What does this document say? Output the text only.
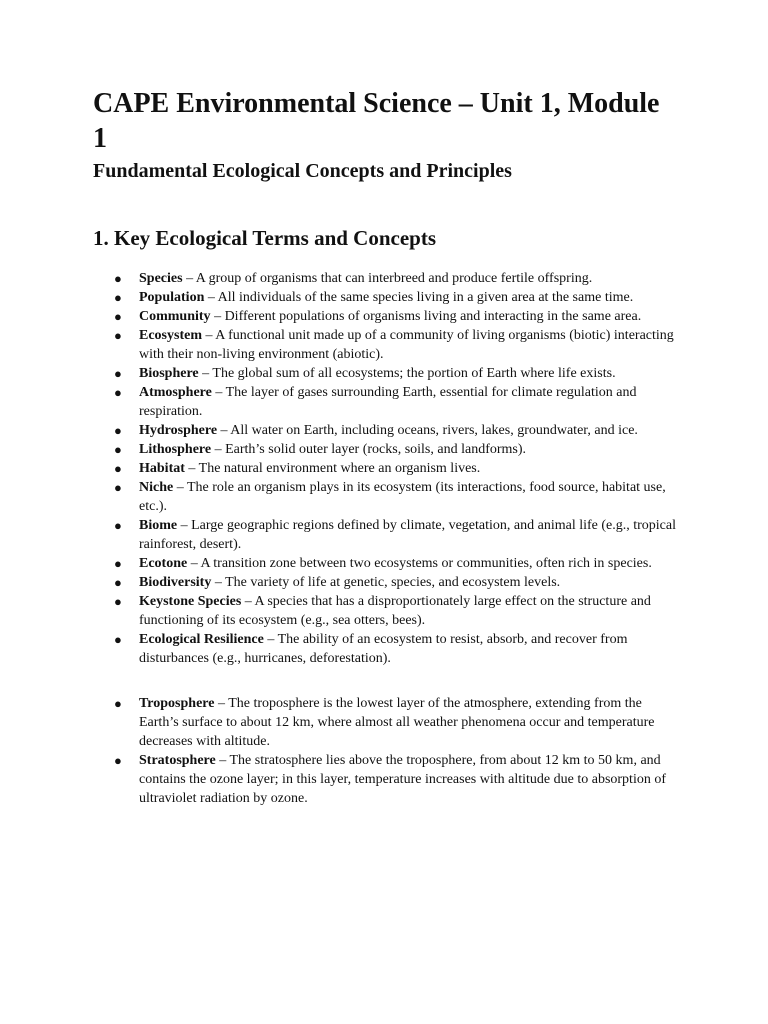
CAPE Environmental Science – Unit 1, Module 1
Fundamental Ecological Concepts and Principles
1. Key Ecological Terms and Concepts
● Species – A group of organisms that can interbreed and produce fertile offspring.
● Population – All individuals of the same species living in a given area at the same time.
● Community – Different populations of organisms living and interacting in the same area.
● Ecosystem – A functional unit made up of a community of living organisms (biotic) interacting with their non-living environment (abiotic).
● Biosphere – The global sum of all ecosystems; the portion of Earth where life exists.
● Atmosphere – The layer of gases surrounding Earth, essential for climate regulation and respiration.
● Hydrosphere – All water on Earth, including oceans, rivers, lakes, groundwater, and ice.
● Lithosphere – Earth’s solid outer layer (rocks, soils, and landforms).
● Habitat – The natural environment where an organism lives.
● Niche – The role an organism plays in its ecosystem (its interactions, food source, habitat use, etc.).
● Biome – Large geographic regions defined by climate, vegetation, and animal life (e.g., tropical rainforest, desert).
● Ecotone – A transition zone between two ecosystems or communities, often rich in species.
● Biodiversity – The variety of life at genetic, species, and ecosystem levels.
● Keystone Species – A species that has a disproportionately large effect on the structure and functioning of its ecosystem (e.g., sea otters, bees).
● Ecological Resilience – The ability of an ecosystem to resist, absorb, and recover from disturbances (e.g., hurricanes, deforestation).
● Troposphere – The troposphere is the lowest layer of the atmosphere, extending from the Earth’s surface to about 12 km, where almost all weather phenomena occur and temperature decreases with altitude.
● Stratosphere – The stratosphere lies above the troposphere, from about 12 km to 50 km, and contains the ozone layer; in this layer, temperature increases with altitude due to absorption of ultraviolet radiation by ozone.
